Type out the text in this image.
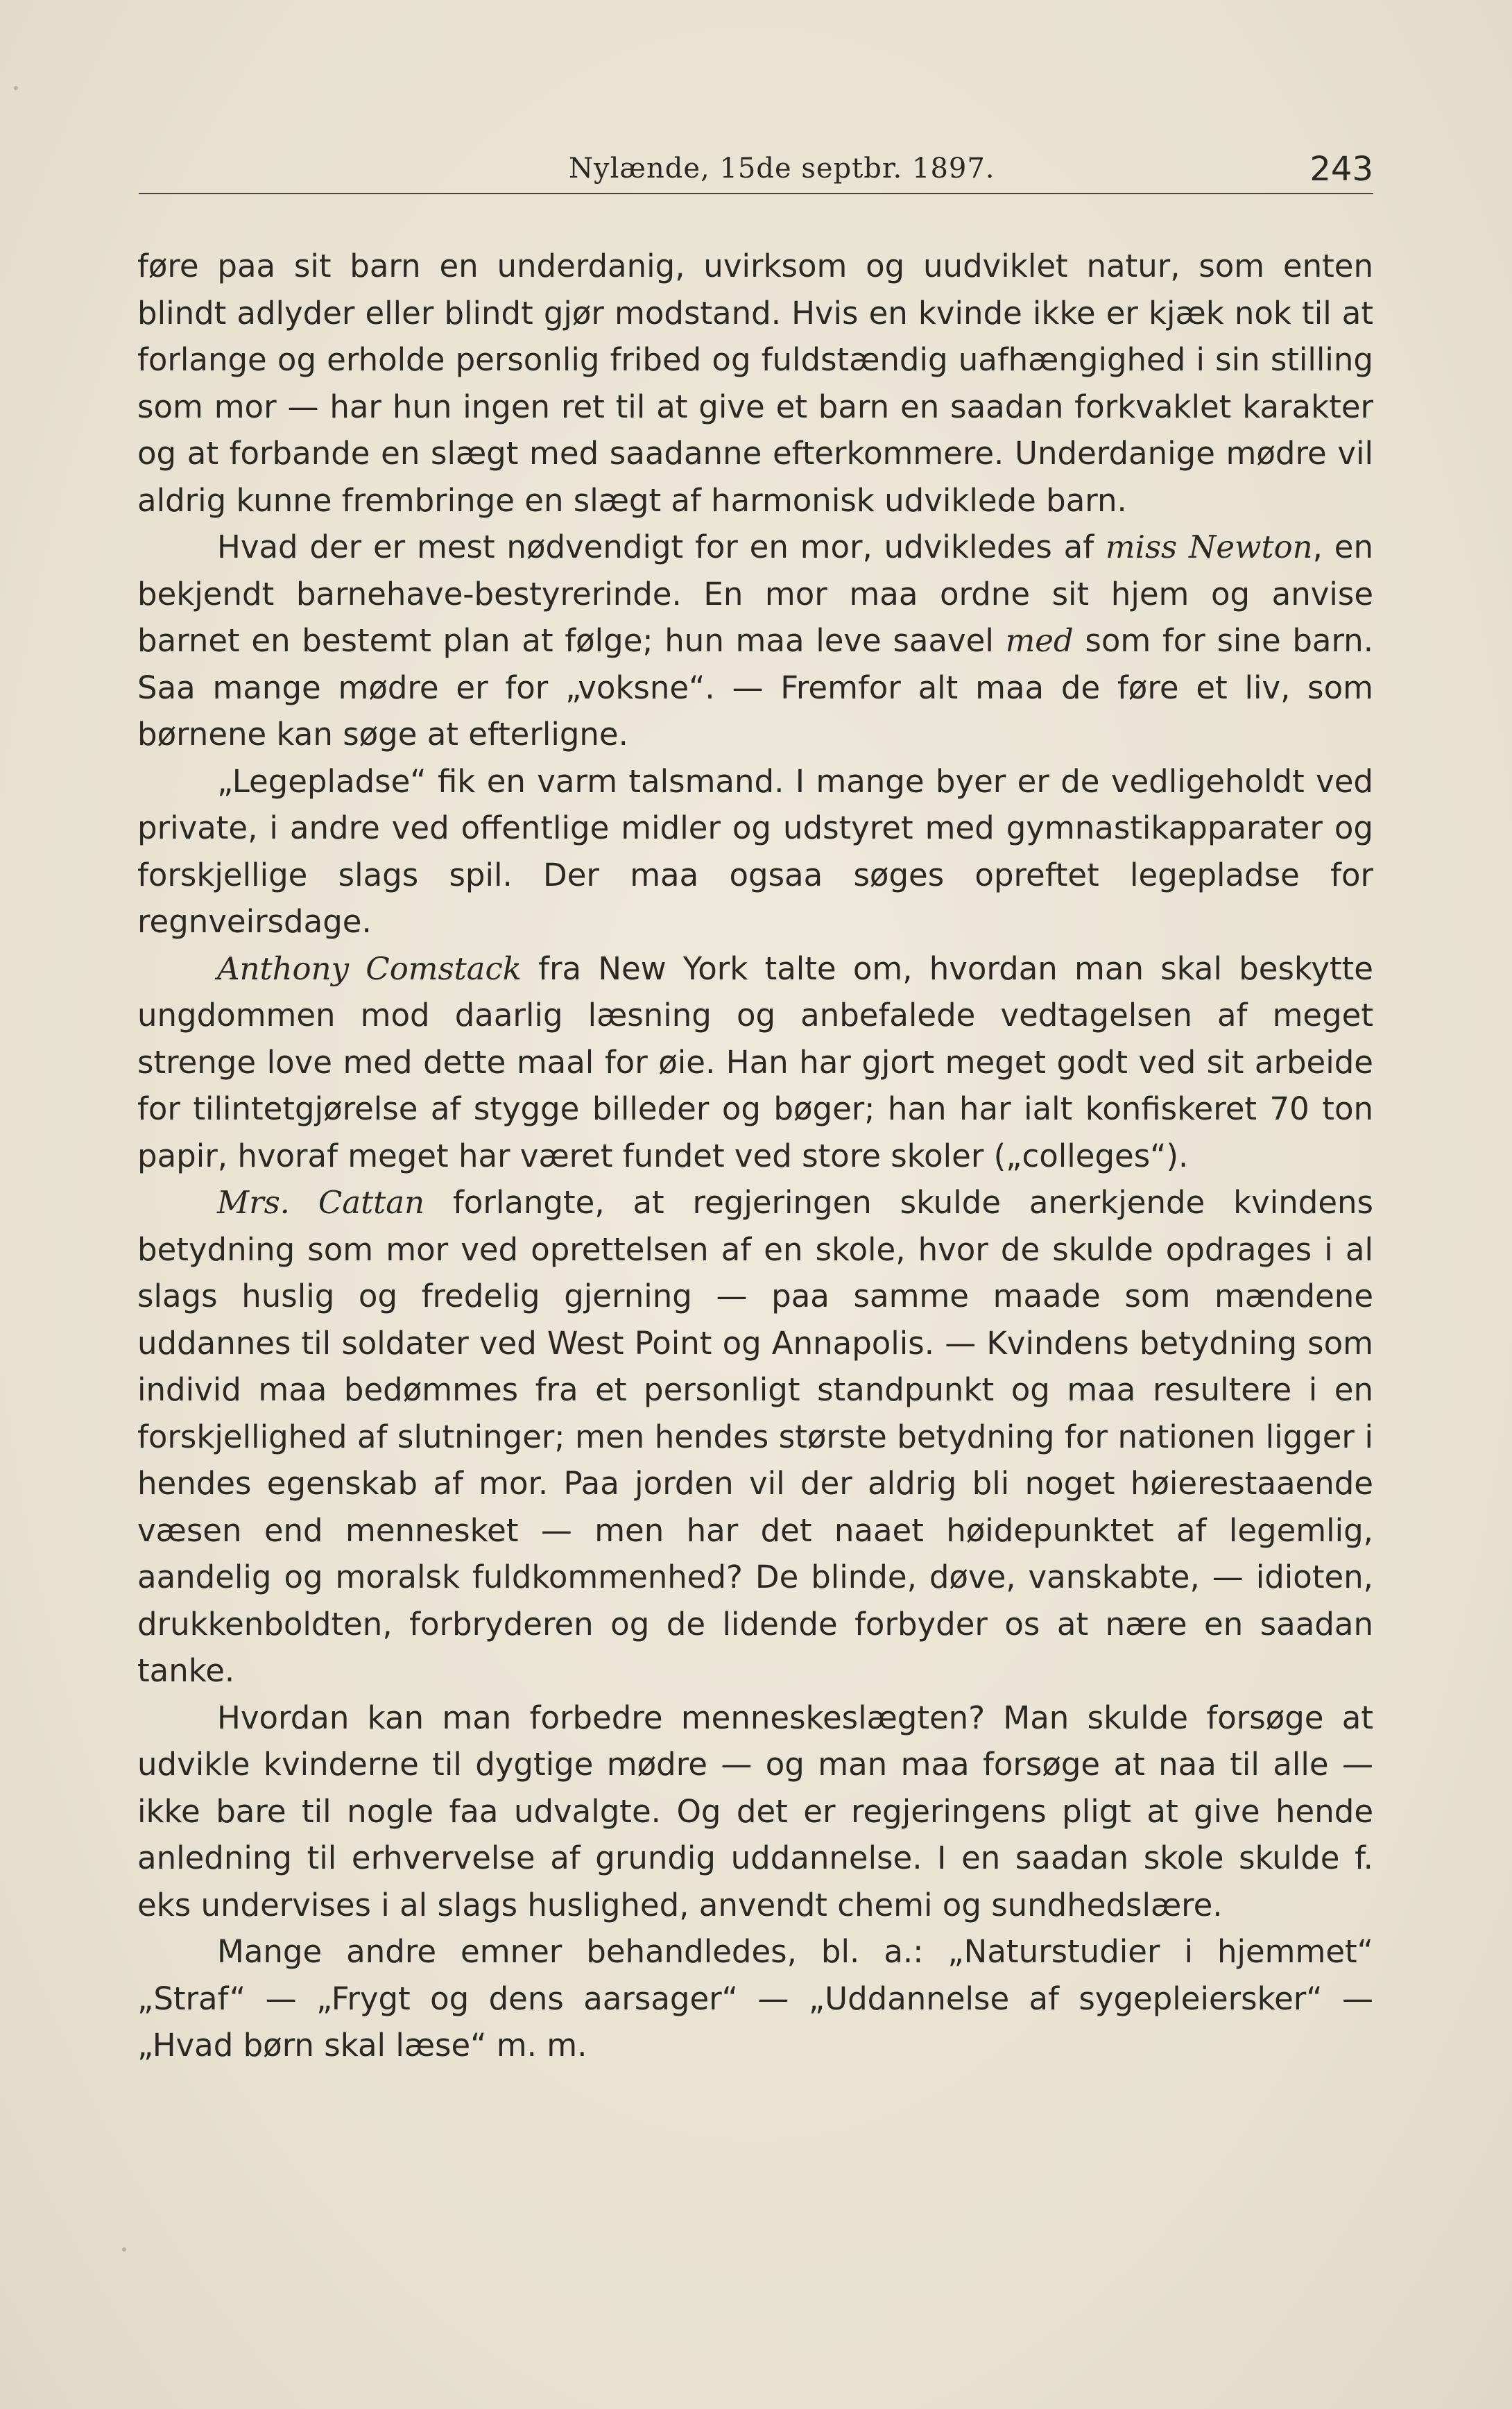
Nylænde, 15de septbr. 1897.	243

føre paa sit barn en underdanig, uvirksom og uudviklet natur, som enten blindt adlyder eller blindt gjør modstand. Hvis en kvinde ikke er kjæk nok til at forlange og erholde personlig fribed og fuldstændig uafhængighed i sin stilling som mor — har hun ingen ret til at give et barn en saadan forkvaklet karakter og at forbande en slægt med saadanne efterkommere. Underdanige mødre vil aldrig kunne frembringe en slægt af harmonisk udviklede barn.

Hvad der er mest nødvendigt for en mor, udvikledes af miss Newton, en bekjendt barnehave-bestyrerinde. En mor maa ordne sit hjem og anvise barnet en bestemt plan at følge; hun maa leve saavel med som for sine barn. Saa mange mødre er for „voksne“. — Fremfor alt maa de føre et liv, som børnene kan søge at efterligne.

„Legepladse“ fik en varm talsmand. I mange byer er de vedligeholdt ved private, i andre ved offentlige midler og udstyret med gymnastikapparater og forskjellige slags spil. Der maa ogsaa søges opreftet legepladse for regnveirsdage.

Anthony Comstack fra New York talte om, hvordan man skal beskytte ungdommen mod daarlig læsning og anbefalede vedtagelsen af meget strenge love med dette maal for øie. Han har gjort meget godt ved sit arbeide for tilintetgjørelse af stygge billeder og bøger; han har ialt konfiskeret 70 ton papir, hvoraf meget har været fundet ved store skoler („colleges“).

Mrs. Cattan forlangte, at regjeringen skulde anerkjende kvindens betydning som mor ved oprettelsen af en skole, hvor de skulde opdrages i al slags huslig og fredelig gjerning — paa samme maade som mændene uddannes til soldater ved West Point og Annapolis. — Kvindens betydning som individ maa bedømmes fra et personligt standpunkt og maa resultere i en forskjellighed af slutninger; men hendes største betydning for nationen ligger i hendes egenskab af mor. Paa jorden vil der aldrig bli noget høierestaaende væsen end mennesket — men har det naaet høidepunktet af legemlig, aandelig og moralsk fuldkommenhed? De blinde, døve, vanskabte, — idioten, drukkenboldten, forbryderen og de lidende forbyder os at nære en saadan tanke.

Hvordan kan man forbedre menneskeslægten? Man skulde forsøge at udvikle kvinderne til dygtige mødre — og man maa forsøge at naa til alle — ikke bare til nogle faa udvalgte. Og det er regjeringens pligt at give hende anledning til erhvervelse af grundig uddannelse. I en saadan skole skulde f. eks undervises i al slags huslighed, anvendt chemi og sundhedslære.

Mange andre emner behandledes, bl. a.: „Naturstudier i hjemmet“ „Straf“ — „Frygt og dens aarsager“ — „Uddannelse af sygepleiersker“ — „Hvad børn skal læse“ m. m.
